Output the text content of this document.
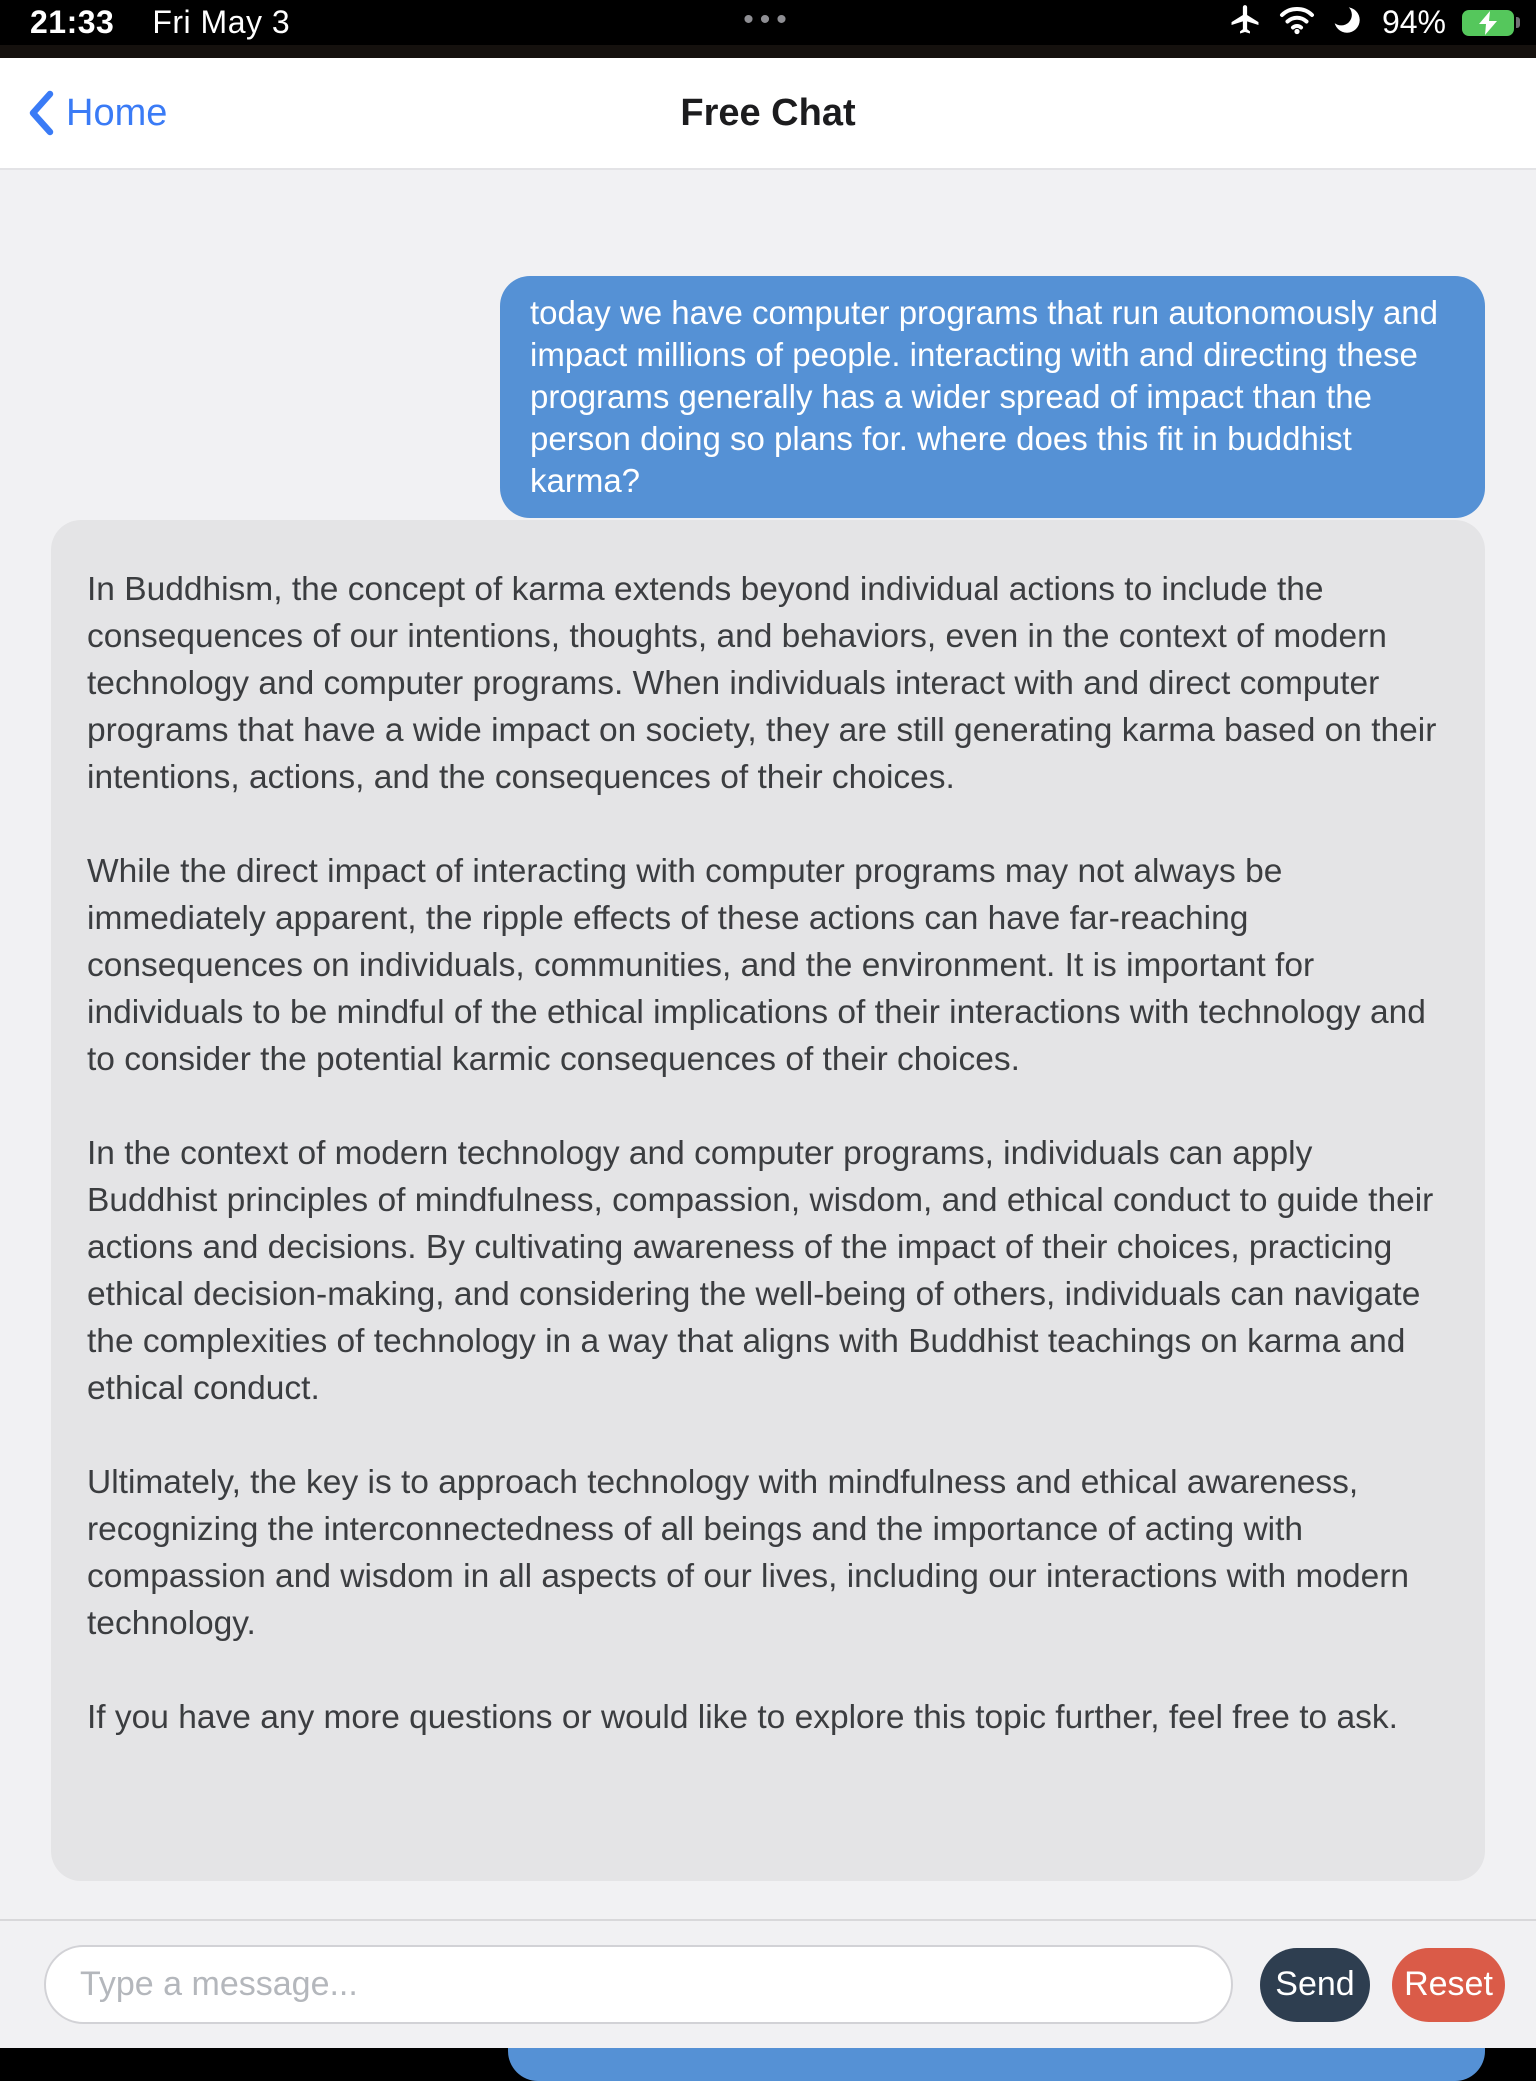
21:33 Fri May 3	•••	94%
Free Chat
Home
today we have computer programs that run autonomously and impact millions of people. interacting with and directing these programs generally has a wider spread of impact than the person doing so plans for. where does this fit in buddhist karma?

In Buddhism, the concept of karma extends beyond individual actions to include the consequences of our intentions, thoughts, and behaviors, even in the context of modern technology and computer programs. When individuals interact with and direct computer programs that have a wide impact on society, they are still generating karma based on their intentions, actions, and the consequences of their choices.

While the direct impact of interacting with computer programs may not always be immediately apparent, the ripple effects of these actions can have far-reaching consequences on individuals, communities, and the environment. It is important for individuals to be mindful of the ethical implications of their interactions with technology and to consider the potential karmic consequences of their choices.

In the context of modern technology and computer programs, individuals can apply Buddhist principles of mindfulness, compassion, wisdom, and ethical conduct to guide their actions and decisions. By cultivating awareness of the impact of their choices, practicing ethical decision-making, and considering the well-being of others, individuals can navigate the complexities of technology in a way that aligns with Buddhist teachings on karma and ethical conduct.

Ultimately, the key is to approach technology with mindfulness and ethical awareness, recognizing the interconnectedness of all beings and the importance of acting with compassion and wisdom in all aspects of our lives, including our interactions with modern technology.

If you have any more questions or would like to explore this topic further, feel free to ask.

Type a message...
Send Reset
